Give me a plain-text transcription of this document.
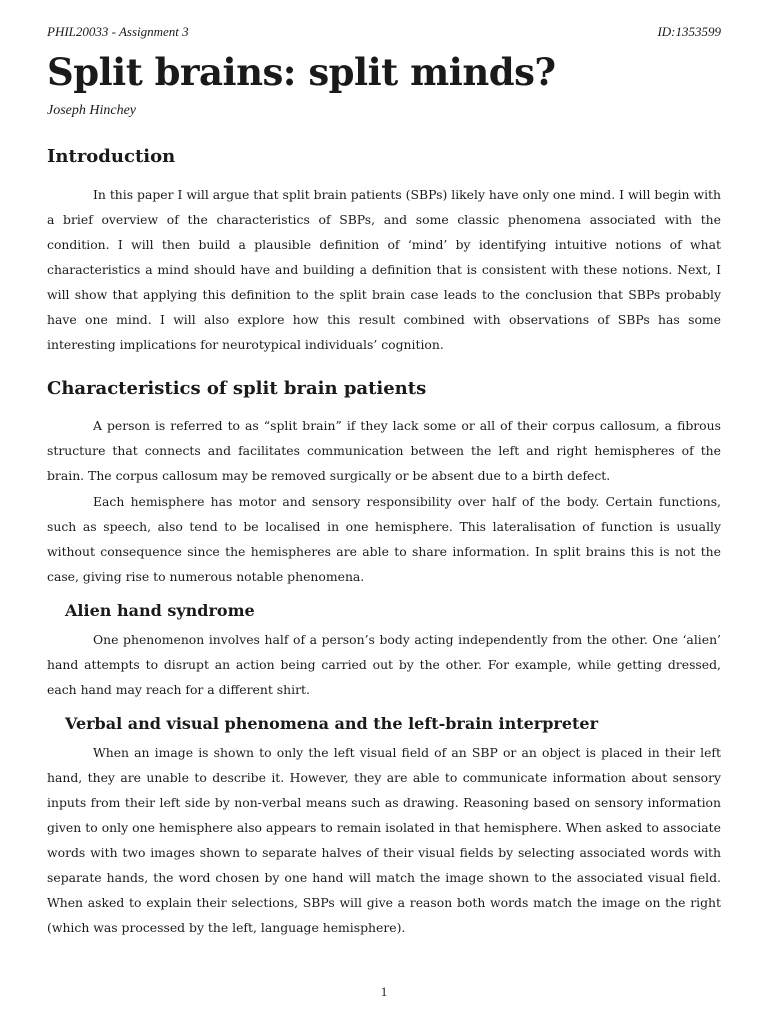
PHIL20033 - Assignment 3	ID:1353599
Split brains: split minds?
Joseph Hinchey
Introduction

In this paper I will argue that split brain patients (SBPs) likely have only one mind. I will begin with a brief overview of the characteristics of SBPs, and some classic phenomena associated with the condition. I will then build a plausible definition of ‘mind’ by identifying intuitive notions of what characteristics a mind should have and building a definition that is consistent with these notions. Next, I will show that applying this definition to the split brain case leads to the conclusion that SBPs probably have one mind. I will also explore how this result combined with observations of SBPs has some interesting implications for neurotypical individuals’ cognition.

Characteristics of split brain patients

A person is referred to as “split brain” if they lack some or all of their corpus callosum, a fibrous structure that connects and facilitates communication between the left and right hemispheres of the brain. The corpus callosum may be removed surgically or be absent due to a birth defect.

Each hemisphere has motor and sensory responsibility over half of the body. Certain functions, such as speech, also tend to be localised in one hemisphere. This lateralisation of function is usually without consequence since the hemispheres are able to share information. In split brains this is not the case, giving rise to numerous notable phenomena.

Alien hand syndrome

One phenomenon involves half of a person’s body acting independently from the other. One ‘alien’ hand attempts to disrupt an action being carried out by the other. For example, while getting dressed, each hand may reach for a different shirt.

Verbal and visual phenomena and the left-brain interpreter

When an image is shown to only the left visual field of an SBP or an object is placed in their left hand, they are unable to describe it. However, they are able to communicate information about sensory inputs from their left side by non-verbal means such as drawing. Reasoning based on sensory information given to only one hemisphere also appears to remain isolated in that hemisphere. When asked to associate words with two images shown to separate halves of their visual fields by selecting associated words with separate hands, the word chosen by one hand will match the image shown to the associated visual field. When asked to explain their selections, SBPs will give a reason both words match the image on the right (which was processed by the left, language hemisphere).

1
